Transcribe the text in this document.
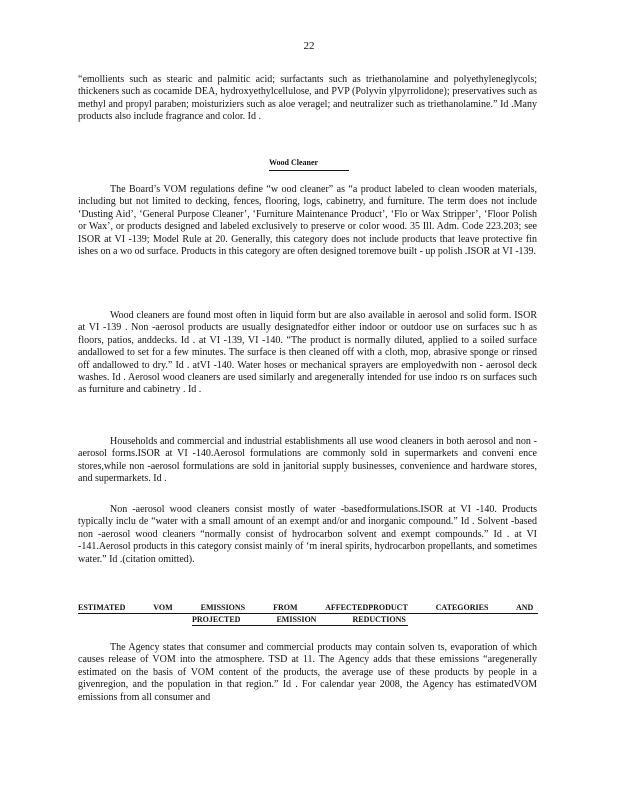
22

“emollients such as stearic and palmitic acid; surfactants such as triethanolamine and polyethyleneglycols; thickeners such as cocamide DEA, hydroxyethylcellulose, and PVP (Polyvin ylpyrrolidone); preservatives such as methyl and propyl paraben; moisturiziers such as aloe veragel; and neutralizer such as triethanolamine.” Id .Many products also include fragrance and color. Id .

Wood Cleaner

The Board’s VOM regulations define “w ood cleaner” as “a product labeled to clean wooden materials, including but not limited to decking, fences, flooring, logs, cabinetry, and furniture. The term does not include ‘Dusting Aid’, ‘General Purpose Cleaner’, ‘Furniture Maintenance Product’, ‘Flo or Wax Stripper’, ‘Floor Polish or Wax’, or products designed and labeled exclusively to preserve or color wood. 35 Ill. Adm. Code 223.203; see ISOR at VI -139; Model Rule at 20. Generally, this category does not include products that leave protective fin ishes on a wo od surface. Products in this category are often designed toremove built - up polish .ISOR at VI -139.

Wood cleaners are found most often in liquid form but are also available in aerosol and solid form. ISOR at VI -139 . Non -aerosol products are usually designatedfor either indoor or outdoor use on surfaces suc h as floors, patios, anddecks. Id . at VI -139, VI -140. “The product is normally diluted, applied to a soiled surface andallowed to set for a few minutes. The surface is then cleaned off with a cloth, mop, abrasive sponge or rinsed off andallowed to dry.” Id . atVI -140. Water hoses or mechanical sprayers are employedwith non - aerosol deck washes. Id . Aerosol wood cleaners are used similarly and aregenerally intended for use indoo rs on surfaces such as furniture and cabinetry . Id .

Households and commercial and industrial establishments all use wood cleaners in both aerosol and non -aerosol forms.ISOR at VI -140.Aerosol formulations are commonly sold in supermarkets and conveni ence stores,while non -aerosol formulations are sold in janitorial supply businesses, convenience and hardware stores, and supermarkets. Id .

Non -aerosol wood cleaners consist mostly of water -basedformulations.ISOR at VI -140. Products typically inclu de “water with a small amount of an exempt and/or and inorganic compound.” Id . Solvent -based non -aerosol wood cleaners “normally consist of hydrocarbon solvent and exempt compounds.” Id . at VI -141.Aerosol products in this category consist mainly of ‘m ineral spirits, hydrocarbon propellants, and sometimes water.” Id .(citation omitted).

ESTIMATED VOM EMISSIONS FROM AFFECTEDPRODUCT CATEGORIES AND
PROJECTED EMISSION REDUCTIONS

The Agency states that consumer and commercial products may contain solven ts, evaporation of which causes release of VOM into the atmosphere. TSD at 11. The Agency adds that these emissions “aregenerally estimated on the basis of VOM content of the products, the average use of these products by people in a givenregion, and the population in that region.” Id . For calendar year 2008, the Agency has estimatedVOM emissions from all consumer and
